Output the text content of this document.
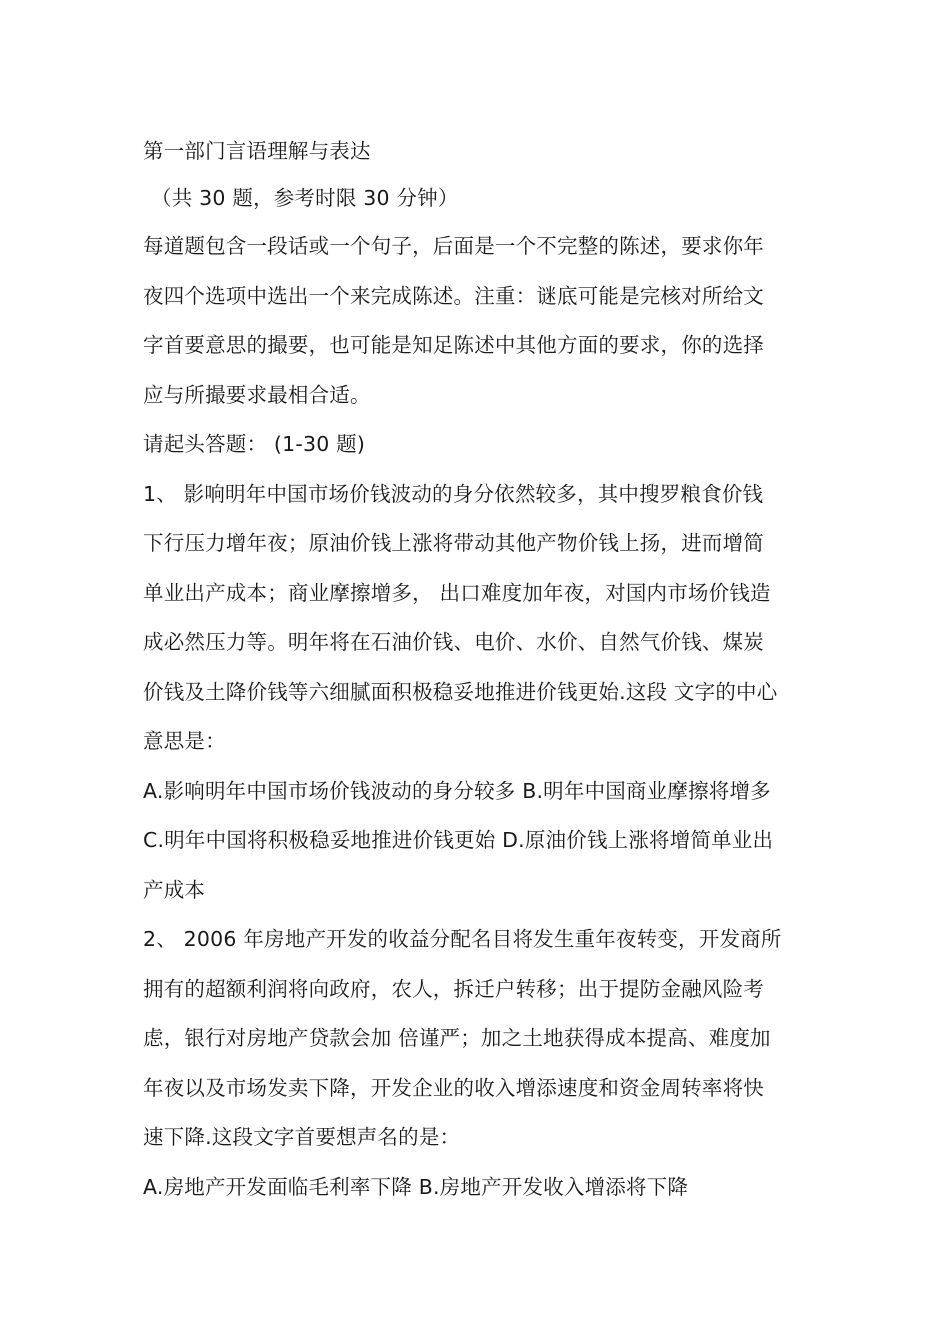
第一部门言语理解与表达
（共 30 题，参考时限 30 分钟）
每道题包含一段话或一个句子，后面是一个不完整的陈述，要求你年
夜四个选项中选出一个来完成陈述。注重：谜底可能是完核对所给文
字首要意思的撮要，也可能是知足陈述中其他方面的要求，你的选择
应与所撮要求最相合适。
请起头答题： (1-30 题)
1、 影响明年中国市场价钱波动的身分依然较多，其中搜罗粮食价钱
下行压力增年夜；原油价钱上涨将带动其他产物价钱上扬，进而增简
单业出产成本；商业摩擦增多， 出口难度加年夜，对国内市场价钱造
成必然压力等。明年将在石油价钱、电价、水价、自然气价钱、煤炭
价钱及土降价钱等六细腻面积极稳妥地推进价钱更始.这段 文字的中心
意思是：
A.影响明年中国市场价钱波动的身分较多 B.明年中国商业摩擦将增多
C.明年中国将积极稳妥地推进价钱更始 D.原油价钱上涨将增简单业出
产成本
2、 2006 年房地产开发的收益分配名目将发生重年夜转变，开发商所
拥有的超额利润将向政府，农人，拆迁户转移；出于提防金融风险考
虑，银行对房地产贷款会加 倍谨严；加之土地获得成本提高、难度加
年夜以及市场发卖下降，开发企业的收入增添速度和资金周转率将快
速下降.这段文字首要想声名的是：
A.房地产开发面临毛利率下降 B.房地产开发收入增添将下降
